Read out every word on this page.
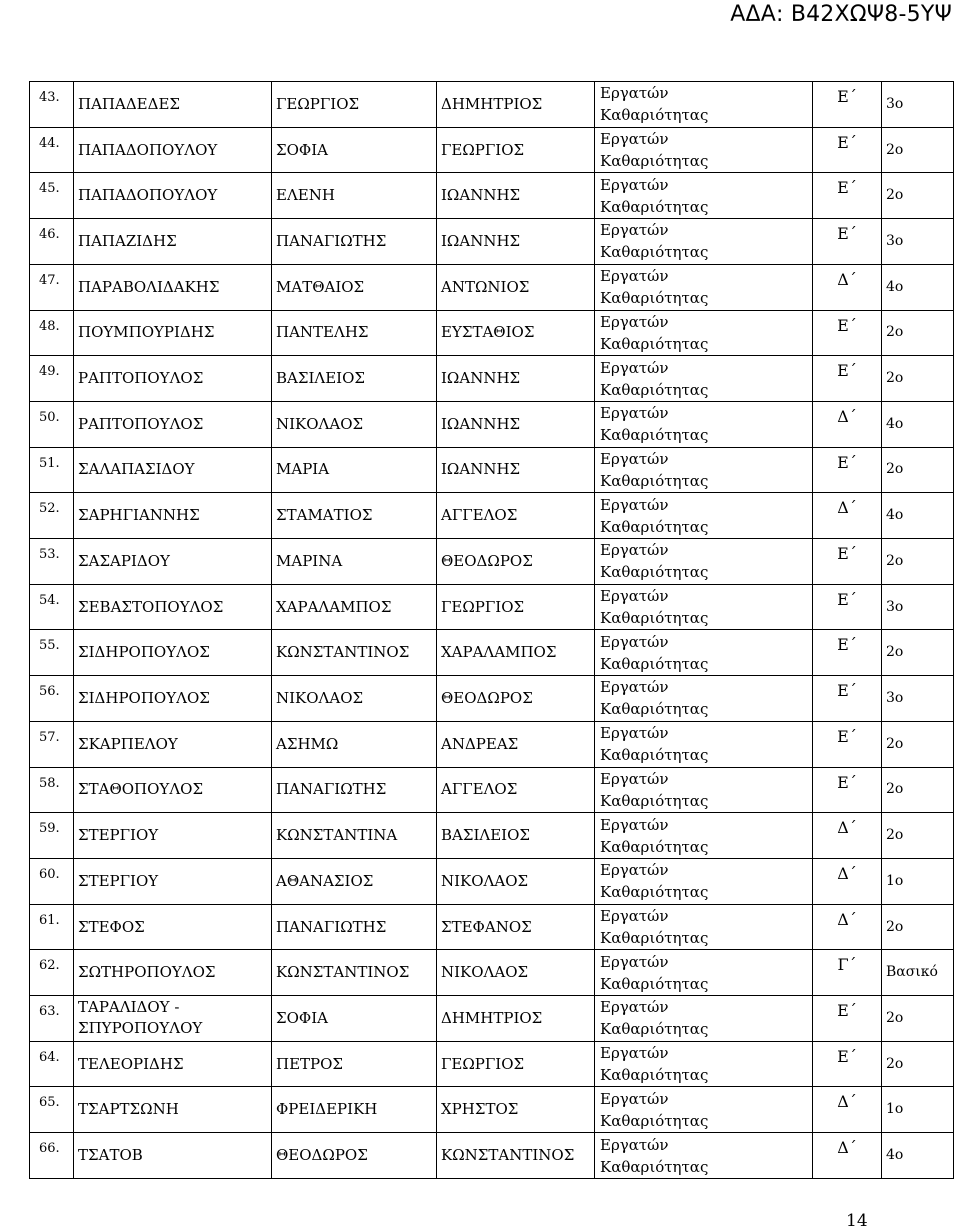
ΑΔΑ: Β42ΧΩΨ8-5ΥΨ
43.	ΠΑΠΑΔΕΔΕΣ	ΓΕΩΡΓΙΟΣ	ΔΗΜΗΤΡΙΟΣ	Εργατών
Καθαριότητας	Ε΄	3ο
44.	ΠΑΠΑΔΟΠΟΥΛΟΥ	ΣΟΦΙΑ	ΓΕΩΡΓΙΟΣ	Εργατών
Καθαριότητας	Ε΄	2ο
45.	ΠΑΠΑΔΟΠΟΥΛΟΥ	ΕΛΕΝΗ	ΙΩΑΝΝΗΣ	Εργατών
Καθαριότητας	Ε΄	2ο
46.	ΠΑΠΑΖΙΔΗΣ	ΠΑΝΑΓΙΩΤΗΣ	ΙΩΑΝΝΗΣ	Εργατών
Καθαριότητας	Ε΄	3ο
47.	ΠΑΡΑΒΟΛΙΔΑΚΗΣ	ΜΑΤΘΑΙΟΣ	ΑΝΤΩΝΙΟΣ	Εργατών
Καθαριότητας	Δ΄	4ο
48.	ΠΟΥΜΠΟΥΡΙΔΗΣ	ΠΑΝΤΕΛΗΣ	ΕΥΣΤΑΘΙΟΣ	Εργατών
Καθαριότητας	Ε΄	2ο
49.	ΡΑΠΤΟΠΟΥΛΟΣ	ΒΑΣΙΛΕΙΟΣ	ΙΩΑΝΝΗΣ	Εργατών
Καθαριότητας	Ε΄	2ο
50.	ΡΑΠΤΟΠΟΥΛΟΣ	ΝΙΚΟΛΑΟΣ	ΙΩΑΝΝΗΣ	Εργατών
Καθαριότητας	Δ΄	4ο
51.	ΣΑΛΑΠΑΣΙΔΟΥ	ΜΑΡΙΑ	ΙΩΑΝΝΗΣ	Εργατών
Καθαριότητας	Ε΄	2ο
52.	ΣΑΡΗΓΙΑΝΝΗΣ	ΣΤΑΜΑΤΙΟΣ	ΑΓΓΕΛΟΣ	Εργατών
Καθαριότητας	Δ΄	4ο
53.	ΣΑΣΑΡΙΔΟΥ	ΜΑΡΙΝΑ	ΘΕΟΔΩΡΟΣ	Εργατών
Καθαριότητας	Ε΄	2ο
54.	ΣΕΒΑΣΤΟΠΟΥΛΟΣ	ΧΑΡΑΛΑΜΠΟΣ	ΓΕΩΡΓΙΟΣ	Εργατών
Καθαριότητας	Ε΄	3ο
55.	ΣΙΔΗΡΟΠΟΥΛΟΣ	ΚΩΝΣΤΑΝΤΙΝΟΣ	ΧΑΡΑΛΑΜΠΟΣ	Εργατών
Καθαριότητας	Ε΄	2ο
56.	ΣΙΔΗΡΟΠΟΥΛΟΣ	ΝΙΚΟΛΑΟΣ	ΘΕΟΔΩΡΟΣ	Εργατών
Καθαριότητας	Ε΄	3ο
57.	ΣΚΑΡΠΕΛΟΥ	ΑΣΗΜΩ	ΑΝΔΡΕΑΣ	Εργατών
Καθαριότητας	Ε΄	2ο
58.	ΣΤΑΘΟΠΟΥΛΟΣ	ΠΑΝΑΓΙΩΤΗΣ	ΑΓΓΕΛΟΣ	Εργατών
Καθαριότητας	Ε΄	2ο
59.	ΣΤΕΡΓΙΟΥ	ΚΩΝΣΤΑΝΤΙΝΑ	ΒΑΣΙΛΕΙΟΣ	Εργατών
Καθαριότητας	Δ΄	2ο
60.	ΣΤΕΡΓΙΟΥ	ΑΘΑΝΑΣΙΟΣ	ΝΙΚΟΛΑΟΣ	Εργατών
Καθαριότητας	Δ΄	1ο
61.	ΣΤΕΦΟΣ	ΠΑΝΑΓΙΩΤΗΣ	ΣΤΕΦΑΝΟΣ	Εργατών
Καθαριότητας	Δ΄	2ο
62.	ΣΩΤΗΡΟΠΟΥΛΟΣ	ΚΩΝΣΤΑΝΤΙΝΟΣ	ΝΙΚΟΛΑΟΣ	Εργατών
Καθαριότητας	Γ΄	Βασικό
63.	ΤΑΡΑΛΙΔΟΥ - ΣΠΥΡΟΠΟΥΛΟΥ	ΣΟΦΙΑ	ΔΗΜΗΤΡΙΟΣ	Εργατών
Καθαριότητας	Ε΄	2ο
64.	ΤΕΛΕΟΡΙΔΗΣ	ΠΕΤΡΟΣ	ΓΕΩΡΓΙΟΣ	Εργατών
Καθαριότητας	Ε΄	2ο
65.	ΤΣΑΡΤΣΩΝΗ	ΦΡΕΙΔΕΡΙΚΗ	ΧΡΗΣΤΟΣ	Εργατών
Καθαριότητας	Δ΄	1ο
66.	ΤΣΑΤΟΒ	ΘΕΟΔΩΡΟΣ	ΚΩΝΣΤΑΝΤΙΝΟΣ	Εργατών
Καθαριότητας	Δ΄	4ο
14
